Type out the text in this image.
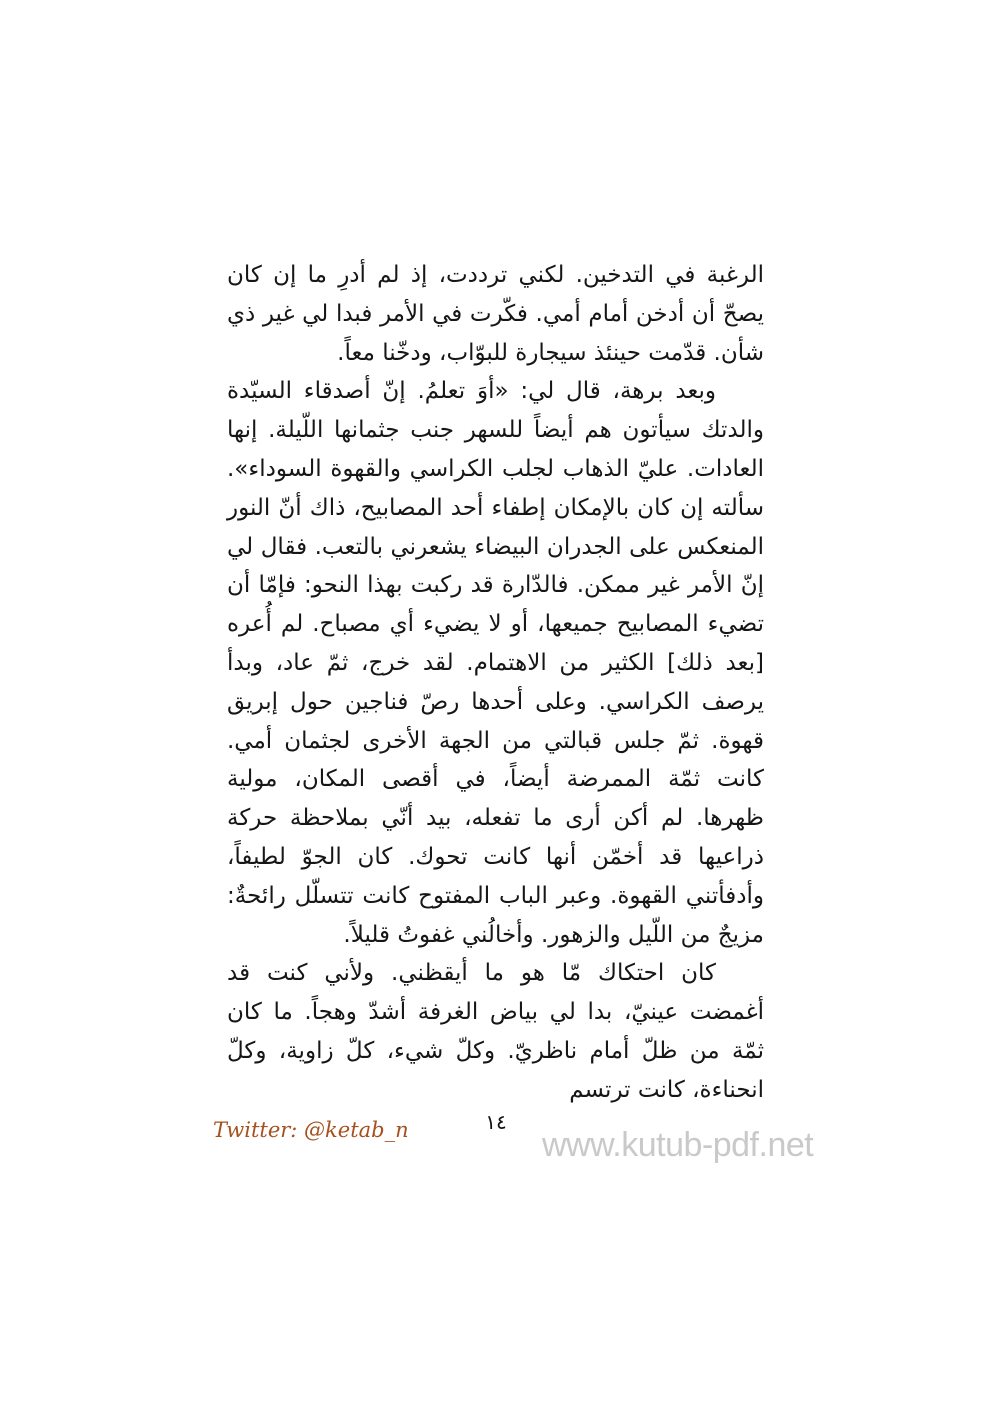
الرغبة في التدخين. لكني ترددت، إذ لم أدرِ ما إن كان يصحّ أن أدخن أمام أمي. فكّرت في الأمر فبدا لي غير ذي شأن. قدّمت حينئذ سيجارة للبوّاب، ودخّنا معاً.

وبعد برهة، قال لي: «أوَ تعلمُ. إنّ أصدقاء السيّدة والدتك سيأتون هم أيضاً للسهر جنب جثمانها اللّيلة. إنها العادات. عليّ الذهاب لجلب الكراسي والقهوة السوداء». سألته إن كان بالإمكان إطفاء أحد المصابيح، ذاك أنّ النور المنعكس على الجدران البيضاء يشعرني بالتعب. فقال لي إنّ الأمر غير ممكن. فالدّارة قد ركبت بهذا النحو: فإمّا أن تضيء المصابيح جميعها، أو لا يضيء أي مصباح. لم أُعره [بعد ذلك] الكثير من الاهتمام. لقد خرج، ثمّ عاد، وبدأ يرصف الكراسي. وعلى أحدها رصّ فناجين حول إبريق قهوة. ثمّ جلس قبالتي من الجهة الأخرى لجثمان أمي. كانت ثمّة الممرضة أيضاً، في أقصى المكان، مولية ظهرها. لم أكن أرى ما تفعله، بيد أنّي بملاحظة حركة ذراعيها قد أخمّن أنها كانت تحوك. كان الجوّ لطيفاً، وأدفأتني القهوة. وعبر الباب المفتوح كانت تتسلّل رائحةٌ: مزيجٌ من اللّيل والزهور. وأخالُني غفوتُ قليلاً.

كان احتكاك مّا هو ما أيقظني. ولأني كنت قد أغمضت عينيّ، بدا لي بياض الغرفة أشدّ وهجاً. ما كان ثمّة من ظلّ أمام ناظريّ. وكلّ شيء، كلّ زاوية، وكلّ انحناءة، كانت ترتسم

Twitter: @ketab_n	١٤
www.kutub-pdf.net
